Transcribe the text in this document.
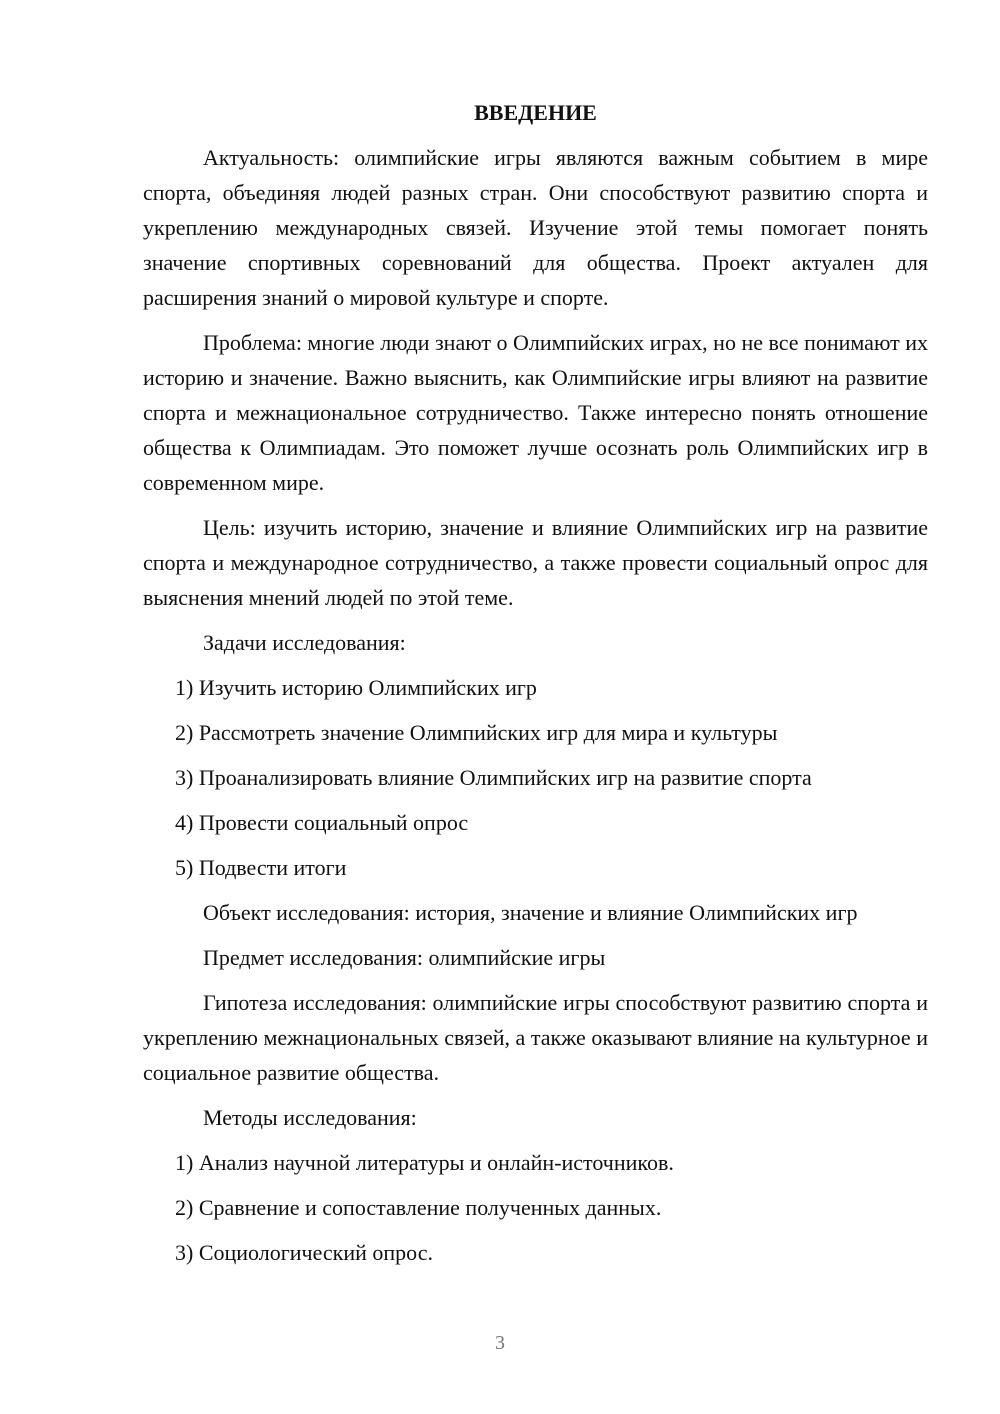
ВВЕДЕНИЕ
Актуальность: олимпийские игры являются важным событием в мире спорта, объединяя людей разных стран. Они способствуют развитию спорта и укреплению международных связей. Изучение этой темы помогает понять значение спортивных соревнований для общества. Проект актуален для расширения знаний о мировой культуре и спорте.
Проблема: многие люди знают о Олимпийских играх, но не все понимают их историю и значение. Важно выяснить, как Олимпийские игры влияют на развитие спорта и межнациональное сотрудничество. Также интересно понять отношение общества к Олимпиадам. Это поможет лучше осознать роль Олимпийских игр в современном мире.
Цель: изучить историю, значение и влияние Олимпийских игр на развитие спорта и международное сотрудничество, а также провести социальный опрос для выяснения мнений людей по этой теме.
Задачи исследования:
1) Изучить историю Олимпийских игр
2) Рассмотреть значение Олимпийских игр для мира и культуры
3) Проанализировать влияние Олимпийских игр на развитие спорта
4) Провести социальный опрос
5) Подвести итоги
Объект исследования: история, значение и влияние Олимпийских игр
Предмет исследования: олимпийские игры
Гипотеза исследования: олимпийские игры способствуют развитию спорта и укреплению межнациональных связей, а также оказывают влияние на культурное и социальное развитие общества.
Методы исследования:
1) Анализ научной литературы и онлайн-источников.
2) Сравнение и сопоставление полученных данных.
3) Социологический опрос.
3
